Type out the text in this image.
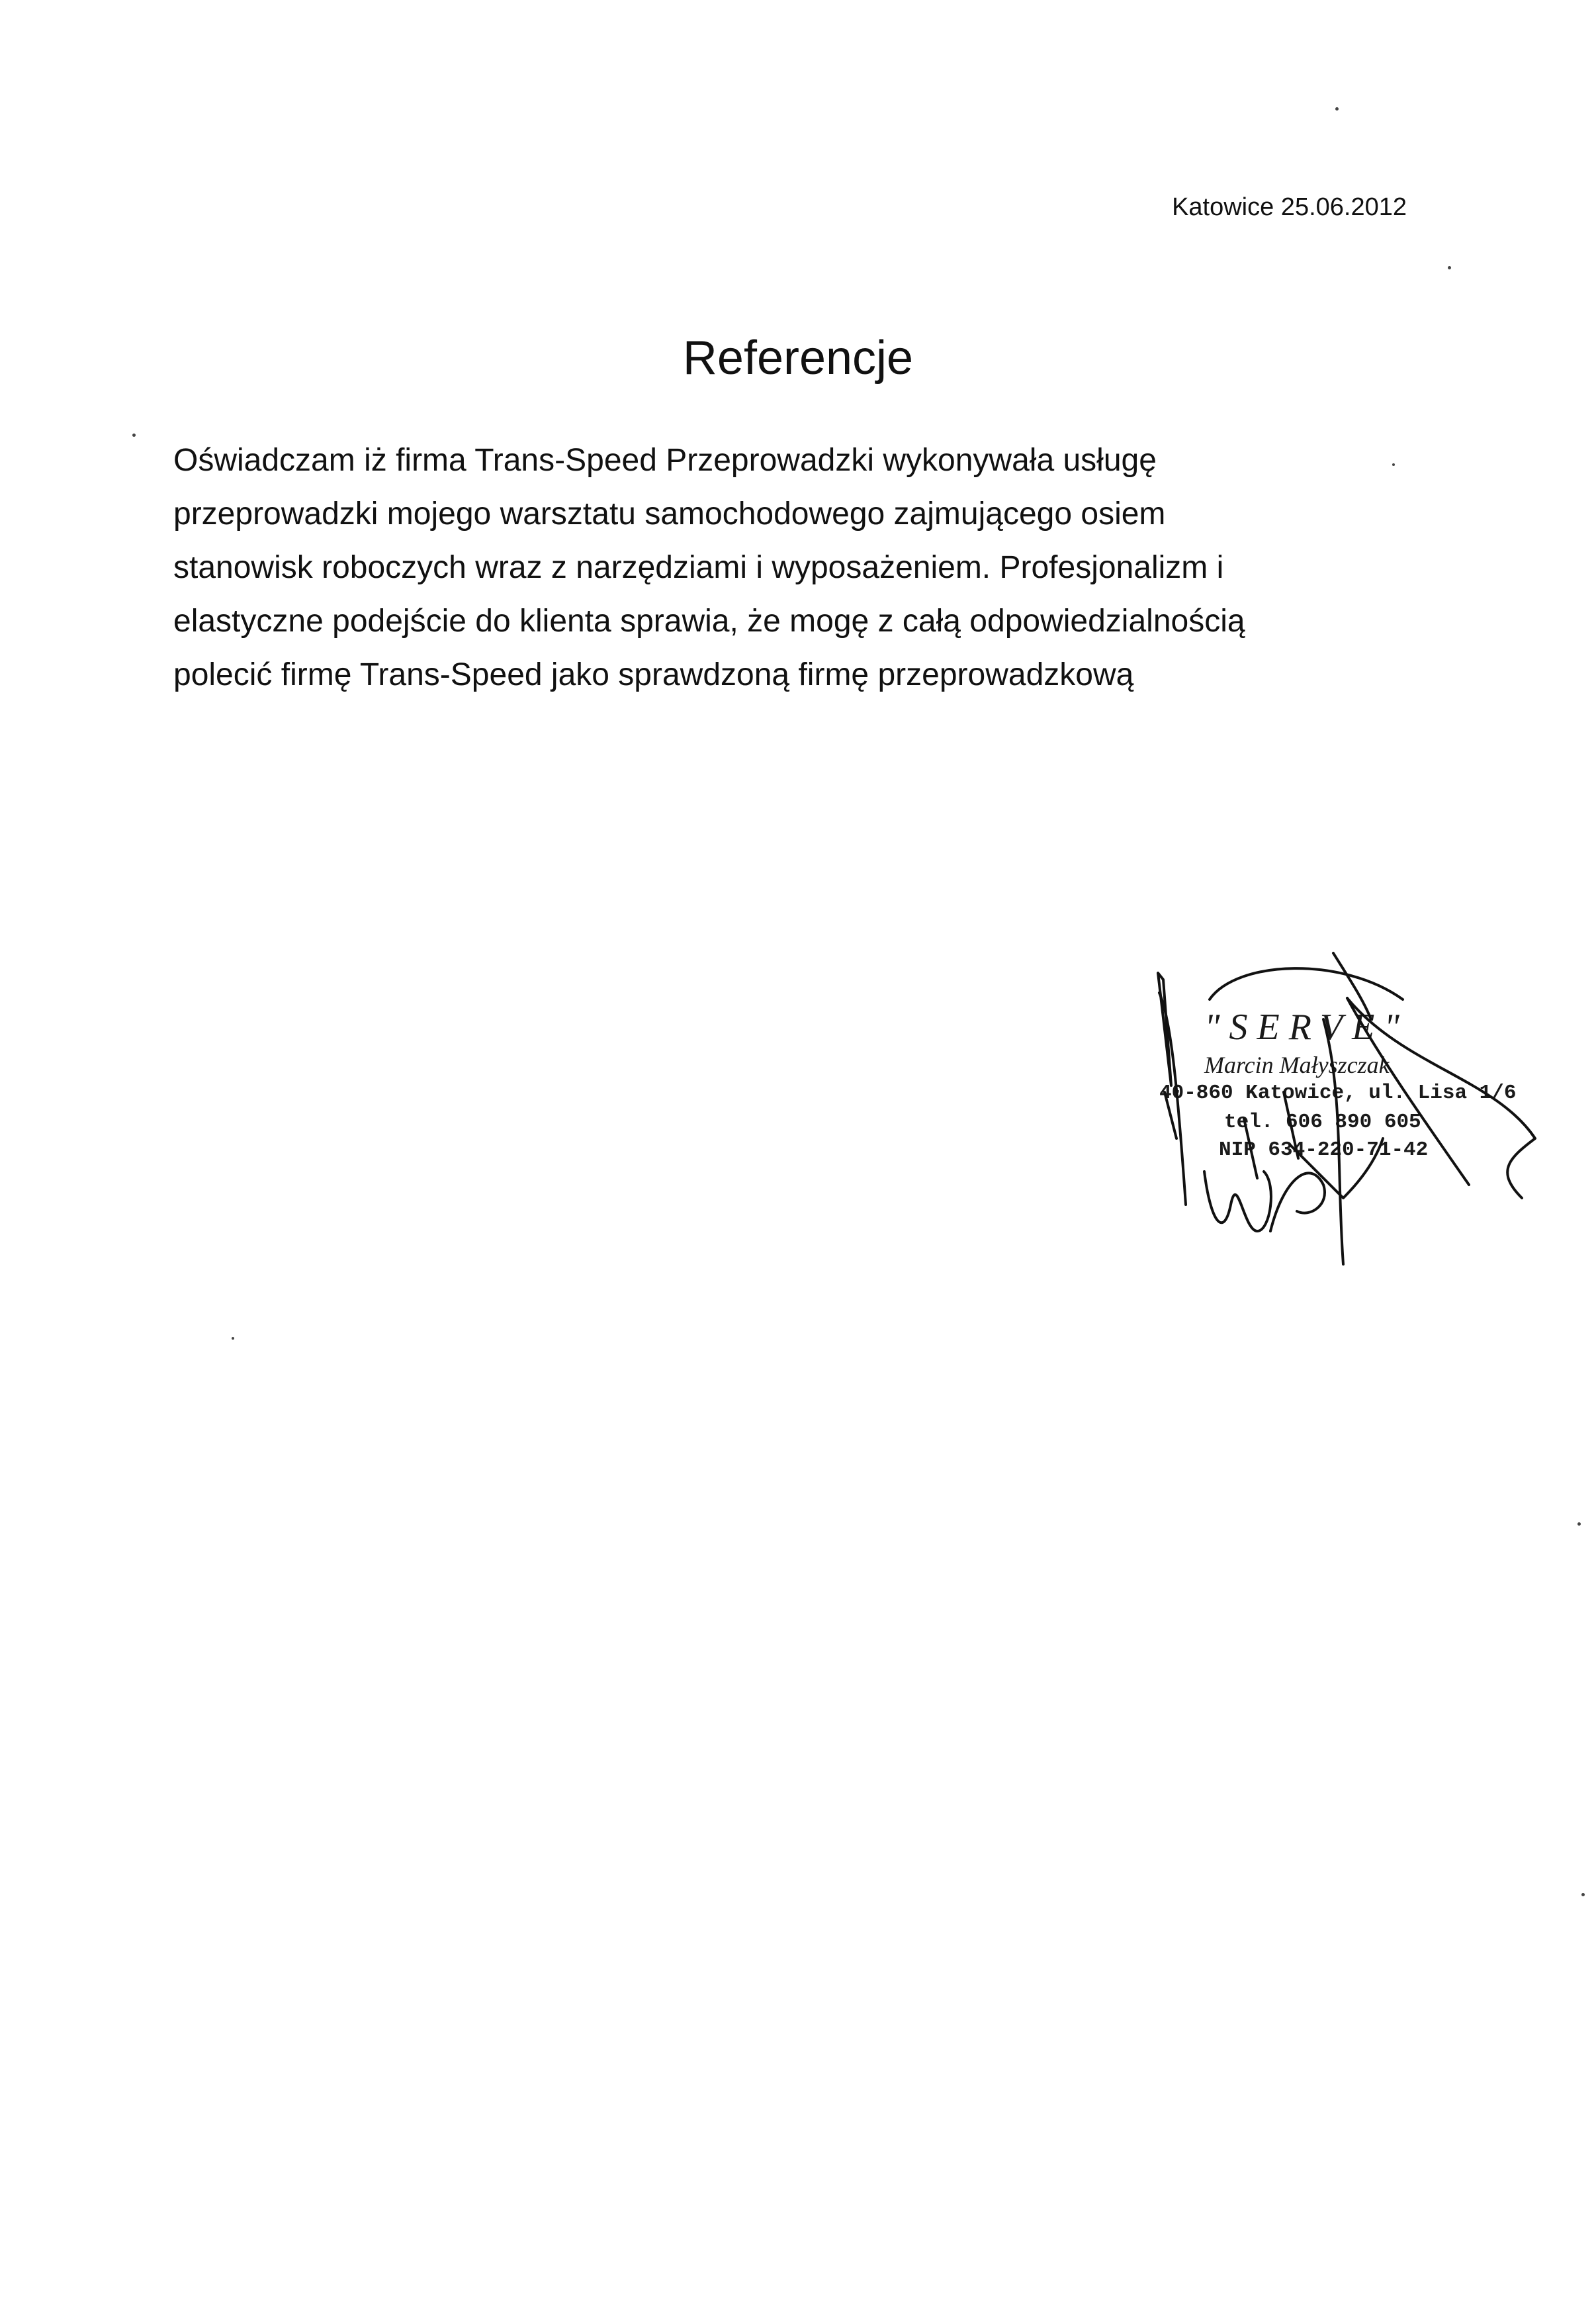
Katowice 25.06.2012
Referencje
Oświadczam iż firma Trans-Speed Przeprowadzki wykonywała usługę
przeprowadzki mojego warsztatu samochodowego zajmującego osiem
stanowisk roboczych wraz z narzędziami i wyposażeniem. Profesjonalizm i
elastyczne podejście do klienta sprawia, że mogę z całą odpowiedzialnością
polecić firmę Trans-Speed jako sprawdzoną firmę przeprowadzkową
"SERVE"
Marcin Małyszczak
40-860 Katowice, ul. Lisa 1/6
tel. 606 890 605
NIP 634-220-71-42
